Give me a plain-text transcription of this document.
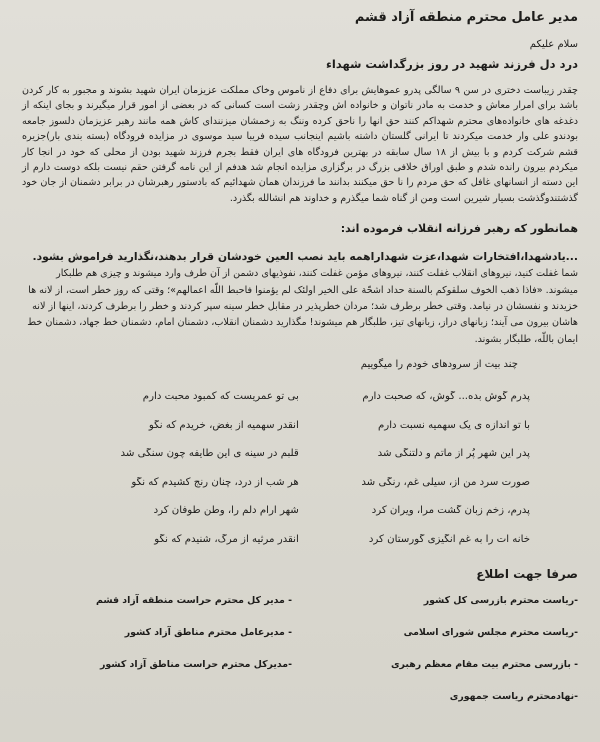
مدیر عامل محترم منطقه آزاد قشم
سلام علیکم
درد دل فرزند شهید در روز بزرگداشت شهداء
چقدر زیباست دختری در سن ۹ سالگی پدرو عموهایش برای دفاع از ناموس وخاک مملکت عزیزمان ایران شهید بشوند و مجبور به کار کردن باشد برای امرار معاش و خدمت به مادر ناتوان و خانواده اش وچقدر زشت است کسانی که در بعضی از امور قرار میگیرند و بجای اینکه از دغدغه های خانواده‌های محترم شهداکم کنند حق انها را ناحق کرده وننگ به زخمشان میزنندای کاش همه مانند رهبر عزیزمان دلسوز جامعه بودندو علی وار خدمت میکردند تا ایرانی گلستان داشته باشیم اینجانب سیده فریبا سید موسوی در مزایده فرودگاه (بسته بندی بار)جزیره قشم شرکت کردم و با بیش از ۱۸ سال سابقه در بهترین فرودگاه های ایران فقط بجرم فرزند شهید بودن از محلی که خود در انجا کار میکردم بیرون رانده شدم و طبق اوراق خلافی بزرگ در برگزاری مزایده انجام شد هدفم از این نامه گرفتن حقم نیست بلکه دوست دارم از این دسته از انسانهای غافل که حق مردم را نا حق میکنند بدانند ما فرزندان همان شهدائیم که بادستور رهبرشان در برابر دشمنان از جان خود گذشتندوگذشت بسیار شیرین است ومن از گناه شما میگذرم و خداوند هم انشالله بگذرد.
همانطور که رهبر فرزانه انقلاب فرموده اند:
...یادشهدا،افتخارات شهدا،عزت شهداراهمه باید نصب العین خودشان قرار بدهند،نگذارید فراموش بشود. شما غفلت کنید، نیروهای انقلاب غفلت کنند، نیروهای مؤمن غفلت کنند، نفوذیهای دشمن از آن طرف وارد میشوند و چیزی هم طلبکار میشوند. «فاذا ذهب الخوف سلقوکم بالسنة حداد اشحّة علی الخیر اولئک لم یؤمنوا فاحبط اللّه اعمالهم»؛ وقتی که روز خطر است، از لانه ها خزیدند و نفسشان در نیامد. وقتی خطر برطرف شد؛ مردان خطرپذیر در مقابل خطر سینه سپر کردند و خطر را برطرف کردند، اینها از لانه هاشان بیرون می آیند؛ زبانهای دراز، زبانهای تیز، طلبگار هم میشوند! مگذارید دشمنان انقلاب، دشمنان امام، دشمنان خط جهاد، دشمنان خط ایمان باللّه، طلبگار بشوند.
چند بیت از سرودهای خودم را میگوییم
پدرم گوش بده... گوش، که صحبت دارم
بی تو عمریست که کمبود محبت دارم
با تو اندازه ی یک سهمیه نسبت دارم
آنقدر سهمیه از بغض، خریدم که نگو
پدر این شهر پُر از ماتم و دلتنگی شد
قلبم در سینه ی این طایفه چون سنگی شد
صورت سرد من از، سیلی غم، رنگی شد
هر شب از درد، چنان رنج کشیدم که نگو
پدرم، زخم زبان گشت مرا، ویران کرد
شهر آرام دلم را، وطن طوفان کرد
خانه ات را به غم انگیزی گورستان کرد
آنقدر مرثیه از مرگ، شنیدم که نگو
صرفا جهت اطلاع
-ریاست محترم بازرسی کل کشور
-ریاست محترم مجلس شورای اسلامی
- بازرسی محترم بیت مقام معظم رهبری
-نهادمحترم ریاست جمهوری
- مدیر کل محترم حراست منطقه آزاد قشم
- مدیرعامل محترم مناطق آزاد کشور
-مدیرکل محترم حراست مناطق آزاد کشور
